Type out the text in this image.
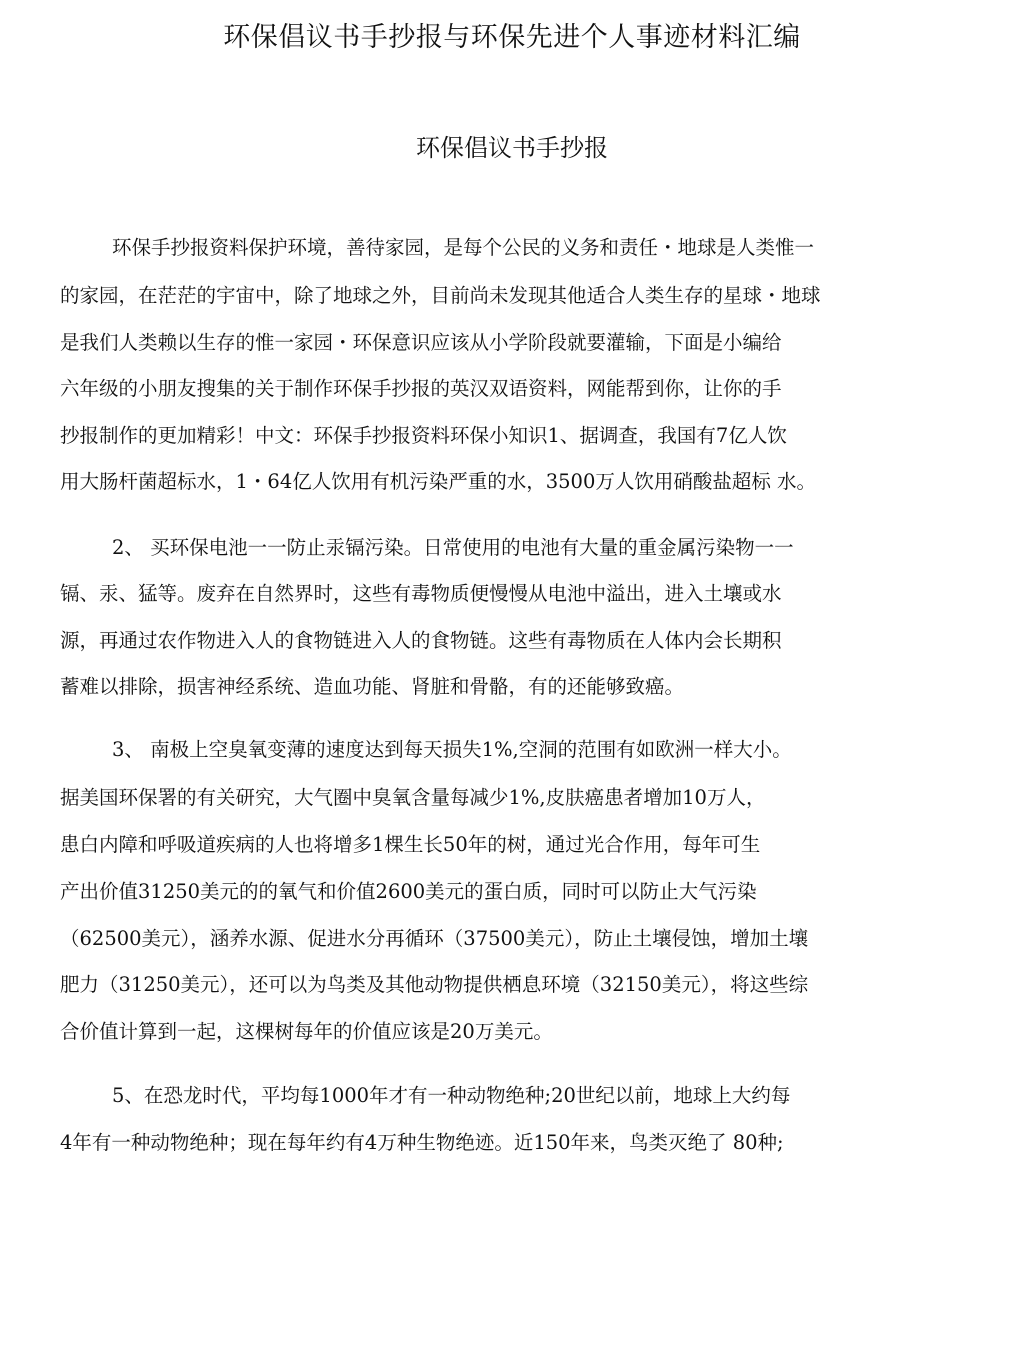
环保倡议书手抄报与环保先进个人事迹材料汇编
环保倡议书手抄报
环保手抄报资料保护环境，善待家园，是每个公民的义务和责任・地球是人类惟一
的家园，在茫茫的宇宙中，除了地球之外，目前尚未发现其他适合人类生存的星球・地球
是我们人类赖以生存的惟一家园・环保意识应该从小学阶段就要灌输，下面是小编给
六年级的小朋友搜集的关于制作环保手抄报的英汉双语资料，网能帮到你，让你的手
抄报制作的更加精彩！中文：环保手抄报资料环保小知识1、据调查，我国有7亿人饮
用大肠杆菌超标水，1・64亿人饮用有机污染严重的水，3500万人饮用硝酸盐超标 水。
2、 买环保电池一一防止汞镉污染。日常使用的电池有大量的重金属污染物一一
镉、汞、猛等。废弃在自然界时，这些有毒物质便慢慢从电池中溢出，进入土壤或水
源，再通过农作物进入人的食物链进入人的食物链。这些有毒物质在人体内会长期积
蓄难以排除，损害神经系统、造血功能、肾脏和骨骼，有的还能够致癌。
3、 南极上空臭氧变薄的速度达到每天损失1%,空洞的范围有如欧洲一样大小。
据美国环保署的有关研究，大气圈中臭氧含量每减少1%,皮肤癌患者增加10万人，
患白内障和呼吸道疾病的人也将增多1棵生长50年的树，通过光合作用，每年可生
产出价值31250美元的的氧气和价值2600美元的蛋白质，同时可以防止大气污染
（62500美元），涵养水源、促进水分再循环（37500美元），防止土壤侵蚀，增加土壤
肥力（31250美元），还可以为鸟类及其他动物提供栖息环境（32150美元），将这些综
合价值计算到一起，这棵树每年的价值应该是20万美元。
5、在恐龙时代，平均每1000年才有一种动物绝种;20世纪以前，地球上大约每
4年有一种动物绝种；现在每年约有4万种生物绝迹。近150年来，鸟类灭绝了 80种;
